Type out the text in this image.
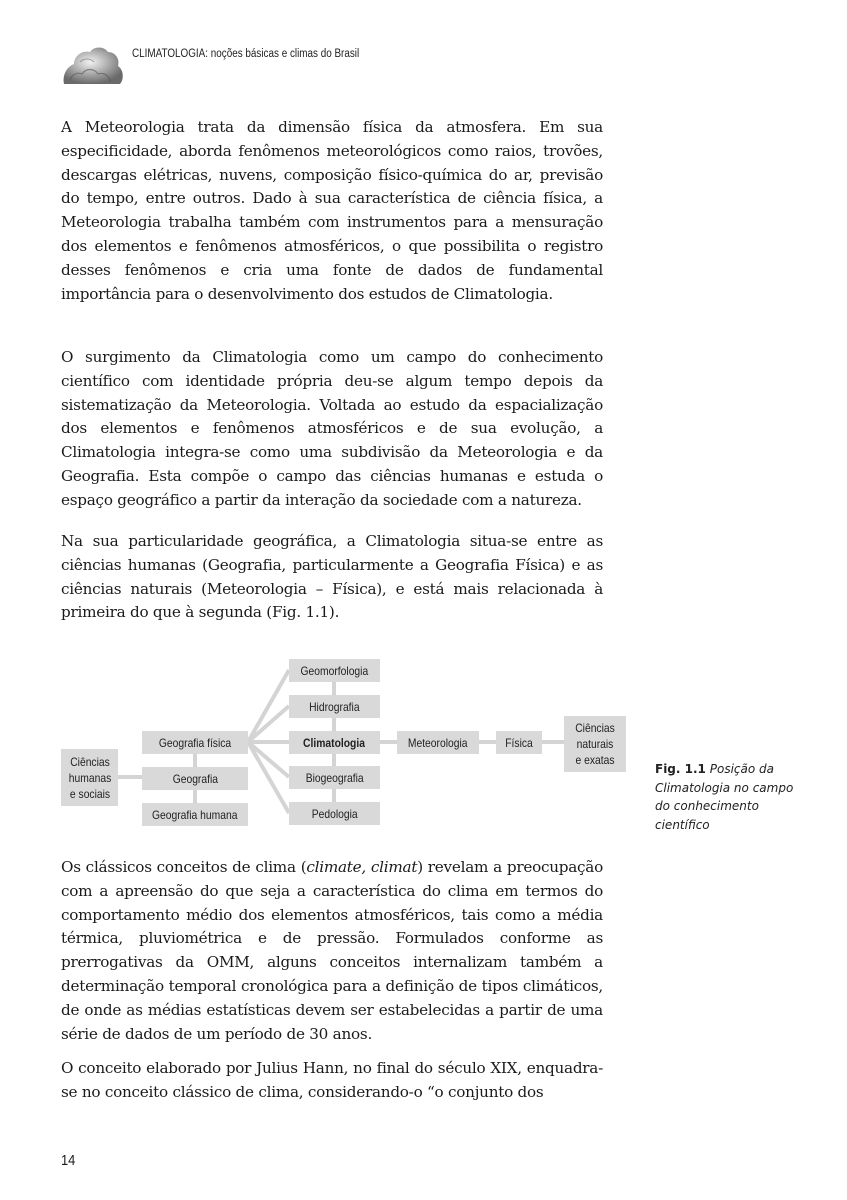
CLIMATOLOGIA: noções básicas e climas do Brasil

A Meteorologia trata da dimensão física da atmosfera. Em sua especificidade, aborda fenômenos meteorológicos como raios, trovões, descargas elétricas, nuvens, composição físico-química do ar, previsão do tempo, entre outros. Dado à sua característica de ciência física, a Meteorologia trabalha também com instrumentos para a mensuração dos elementos e fenômenos atmosféricos, o que possibilita o registro desses fenômenos e cria uma fonte de dados de fundamental importância para o desenvolvimento dos estudos de Climatologia.

O surgimento da Climatologia como um campo do conhecimento científico com identidade própria deu-se algum tempo depois da sistematização da Meteorologia. Voltada ao estudo da espacialização dos elementos e fenômenos atmosféricos e de sua evolução, a Climatologia integra-se como uma subdivisão da Meteorologia e da Geografia. Esta compõe o campo das ciências humanas e estuda o espaço geográfico a partir da interação da sociedade com a natureza.

Na sua particularidade geográfica, a Climatologia situa-se entre as ciências humanas (Geografia, particularmente a Geografia Física) e as ciências naturais (Meteorologia – Física), e está mais relacionada à primeira do que à segunda (Fig. 1.1).

Ciências humanas e sociais
Geografia física
Geografia
Geografia humana
Geomorfologia
Hidrografia
Climatologia
Biogeografia
Pedologia
Meteorologia	Física
Ciências naturais e exatas
Fig. 1.1 Posição da Climatologia no campo do conhecimento científico

Os clássicos conceitos de clima (climate, climat) revelam a preocupação com a apreensão do que seja a característica do clima em termos do comportamento médio dos elementos atmosféricos, tais como a média térmica, pluviométrica e de pressão. Formulados conforme as prerrogativas da OMM, alguns conceitos internalizam também a determinação temporal cronológica para a definição de tipos climáticos, de onde as médias estatísticas devem ser estabelecidas a partir de uma série de dados de um período de 30 anos.

O conceito elaborado por Julius Hann, no final do século XIX, enquadra-se no conceito clássico de clima, considerando-o “o conjunto dos

14
